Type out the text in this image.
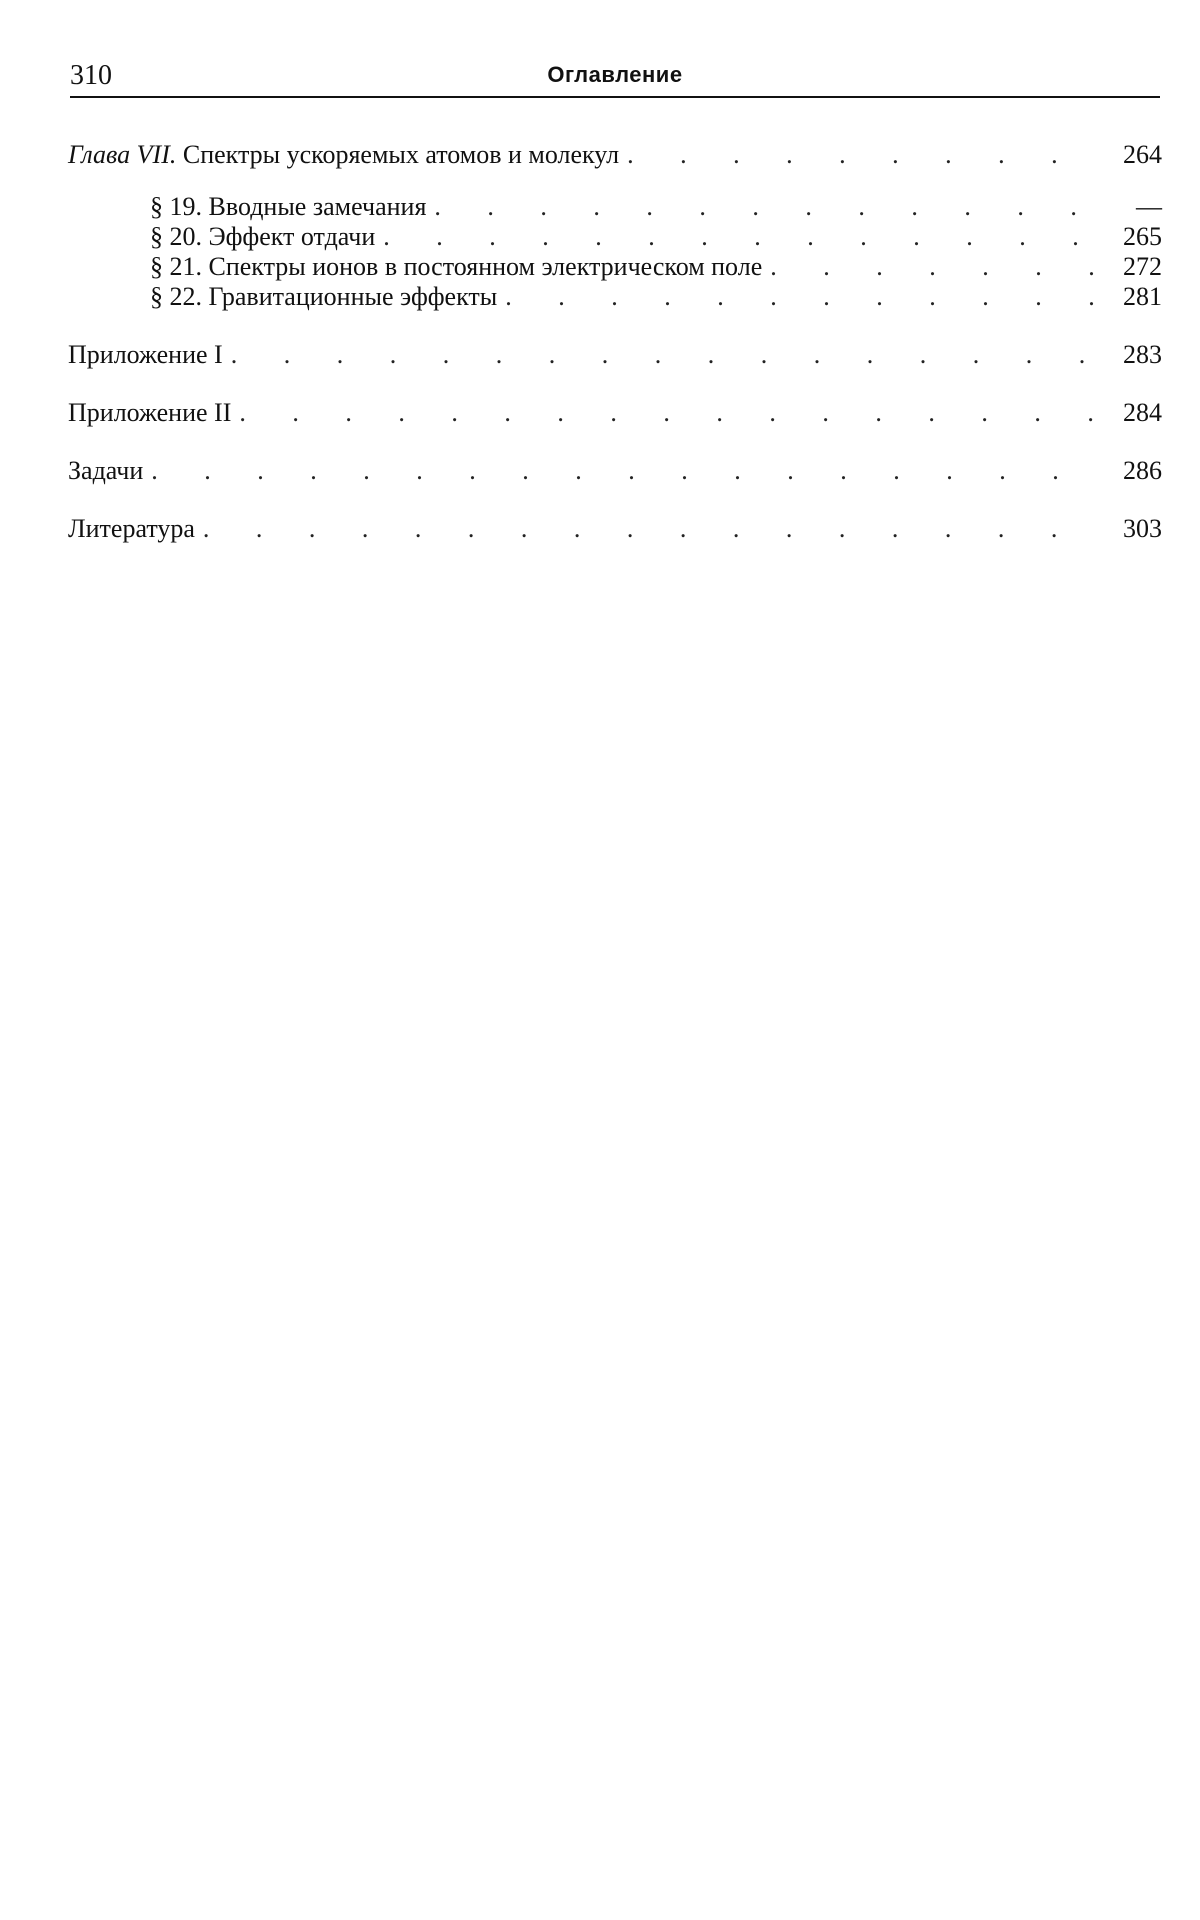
310	Оглавление
Глава VII. Спектры ускоряемых атомов и молекул . . .	264
§ 19. Вводные замечания . . .	—
§ 20. Эффект отдачи . . .	265
§ 21. Спектры ионов в постоянном электрическом поле . . .	272
§ 22. Гравитационные эффекты . . .	281
Приложение I . . .	283
Приложение II . . .	284
Задачи . . .	286
Литература . . .	303
